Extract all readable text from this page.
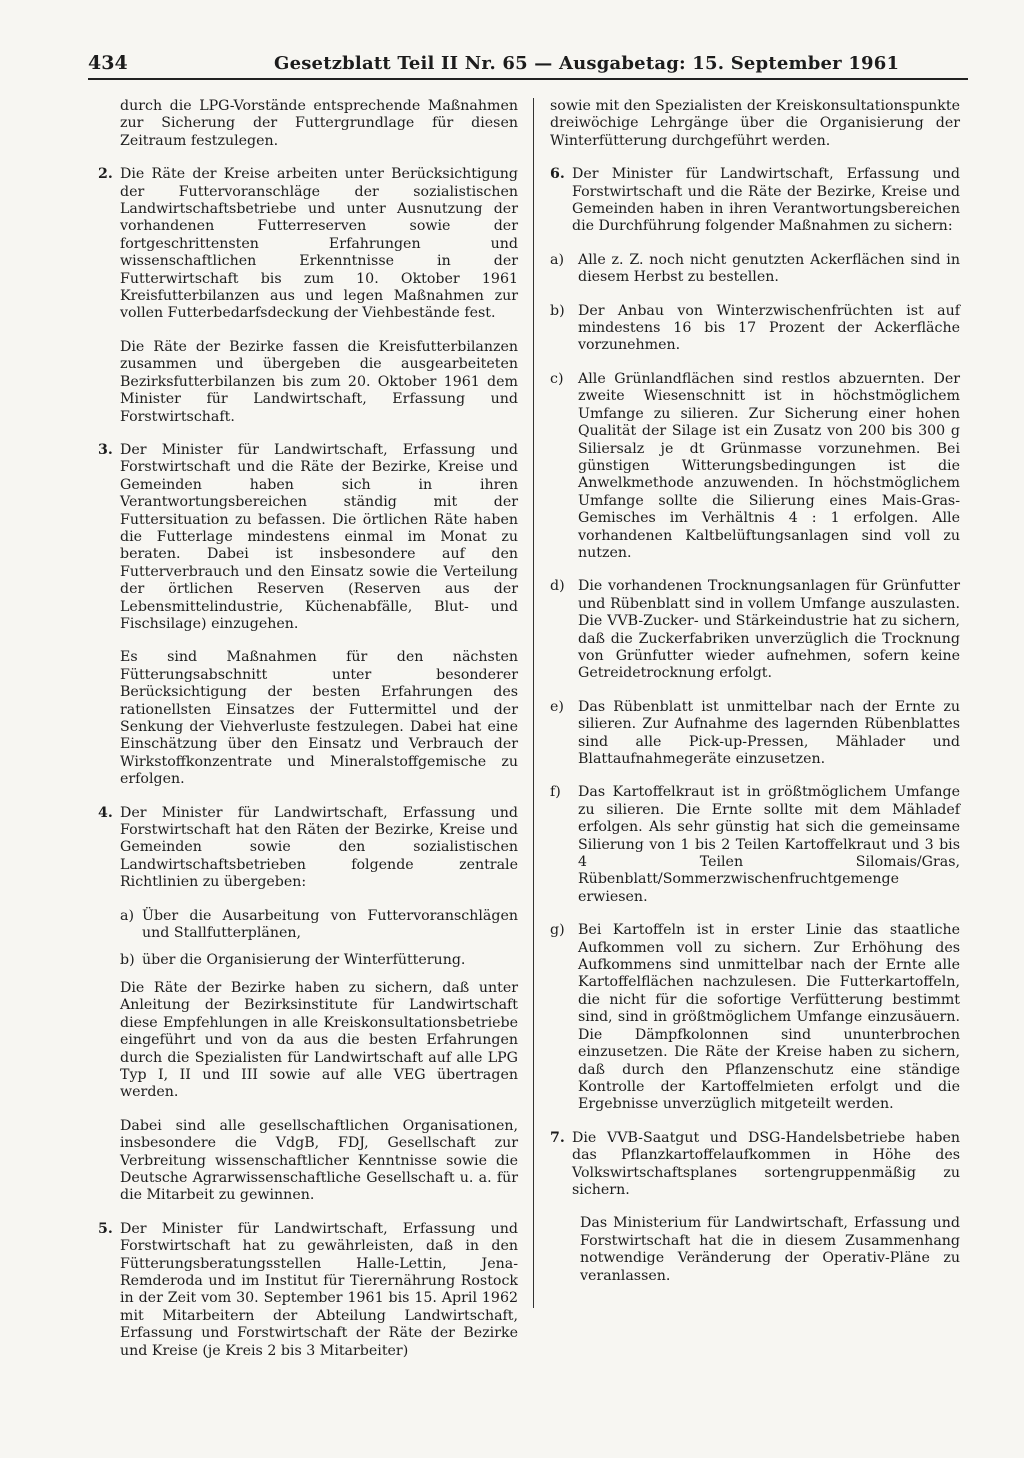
434	Gesetzblatt Teil II Nr. 65 — Ausgabetag: 15. September 1961

durch die LPG-Vorstände entsprechende Maßnahmen zur Sicherung der Futtergrundlage für diesen Zeitraum festzulegen.

2. Die Räte der Kreise arbeiten unter Berücksichtigung der Futtervoranschläge der sozialistischen Landwirtschaftsbetriebe und unter Ausnutzung der vorhandenen Futterreserven sowie der fortgeschrittensten Erfahrungen und wissenschaftlichen Erkenntnisse in der Futterwirtschaft bis zum 10. Oktober 1961 Kreisfutterbilanzen aus und legen Maßnahmen zur vollen Futterbedarfsdeckung der Viehbestände fest.

Die Räte der Bezirke fassen die Kreisfutterbilanzen zusammen und übergeben die ausgearbeiteten Bezirksfutterbilanzen bis zum 20. Oktober 1961 dem Minister für Landwirtschaft, Erfassung und Forstwirtschaft.

3. Der Minister für Landwirtschaft, Erfassung und Forstwirtschaft und die Räte der Bezirke, Kreise und Gemeinden haben sich in ihren Verantwortungsbereichen ständig mit der Futtersituation zu befassen. Die örtlichen Räte haben die Futterlage mindestens einmal im Monat zu beraten. Dabei ist insbesondere auf den Futterverbrauch und den Einsatz sowie die Verteilung der örtlichen Reserven (Reserven aus der Lebensmittelindustrie, Küchenabfälle, Blut- und Fischsilage) einzugehen.

Es sind Maßnahmen für den nächsten Fütterungsabschnitt unter besonderer Berücksichtigung der besten Erfahrungen des rationellsten Einsatzes der Futtermittel und der Senkung der Viehverluste festzulegen. Dabei hat eine Einschätzung über den Einsatz und Verbrauch der Wirkstoffkonzentrate und Mineralstoffgemische zu erfolgen.

4. Der Minister für Landwirtschaft, Erfassung und Forstwirtschaft hat den Räten der Bezirke, Kreise und Gemeinden sowie den sozialistischen Landwirtschaftsbetrieben folgende zentrale Richtlinien zu übergeben:
a) Über die Ausarbeitung von Futtervoranschlägen und Stallfutterplänen,
b) über die Organisierung der Winterfütterung.

Die Räte der Bezirke haben zu sichern, daß unter Anleitung der Bezirksinstitute für Landwirtschaft diese Empfehlungen in alle Kreiskonsultationsbetriebe eingeführt und von da aus die besten Erfahrungen durch die Spezialisten für Landwirtschaft auf alle LPG Typ I, II und III sowie auf alle VEG übertragen werden.

Dabei sind alle gesellschaftlichen Organisationen, insbesondere die VdgB, FDJ, Gesellschaft zur Verbreitung wissenschaftlicher Kenntnisse sowie die Deutsche Agrarwissenschaftliche Gesellschaft u. a. für die Mitarbeit zu gewinnen.

5. Der Minister für Landwirtschaft, Erfassung und Forstwirtschaft hat zu gewährleisten, daß in den Fütterungsberatungsstellen Halle-Lettin, Jena-Remderoda und im Institut für Tierernährung Rostock in der Zeit vom 30. September 1961 bis 15. April 1962 mit Mitarbeitern der Abteilung Landwirtschaft, Erfassung und Forstwirtschaft der Räte der Bezirke und Kreise (je Kreis 2 bis 3 Mitarbeiter)

sowie mit den Spezialisten der Kreiskonsultationspunkte dreiwöchige Lehrgänge über die Organisierung der Winterfütterung durchgeführt werden.

6. Der Minister für Landwirtschaft, Erfassung und Forstwirtschaft und die Räte der Bezirke, Kreise und Gemeinden haben in ihren Verantwortungsbereichen die Durchführung folgender Maßnahmen zu sichern:
a) Alle z. Z. noch nicht genutzten Ackerflächen sind in diesem Herbst zu bestellen.
b) Der Anbau von Winterzwischenfrüchten ist auf mindestens 16 bis 17 Prozent der Ackerfläche vorzunehmen.
c) Alle Grünlandflächen sind restlos abzuernten. Der zweite Wiesenschnitt ist in höchstmöglichem Umfange zu silieren. Zur Sicherung einer hohen Qualität der Silage ist ein Zusatz von 200 bis 300 g Siliersalz je dt Grünmasse vorzunehmen. Bei günstigen Witterungsbedingungen ist die Anwelkmethode anzuwenden. In höchstmöglichem Umfange sollte die Silierung eines Mais-Gras-Gemisches im Verhältnis 4 : 1 erfolgen. Alle vorhandenen Kaltbelüftungsanlagen sind voll zu nutzen.
d) Die vorhandenen Trocknungsanlagen für Grünfutter und Rübenblatt sind in vollem Umfange auszulasten. Die VVB-Zucker- und Stärkeindustrie hat zu sichern, daß die Zuckerfabriken unverzüglich die Trocknung von Grünfutter wieder aufnehmen, sofern keine Getreidetrocknung erfolgt.
e) Das Rübenblatt ist unmittelbar nach der Ernte zu silieren. Zur Aufnahme des lagernden Rübenblattes sind alle Pick-up-Pressen, Mählader und Blattaufnahmegeräte einzusetzen.
f) Das Kartoffelkraut ist in größtmöglichem Umfange zu silieren. Die Ernte sollte mit dem Mähladef erfolgen. Als sehr günstig hat sich die gemeinsame Silierung von 1 bis 2 Teilen Kartoffelkraut und 3 bis 4 Teilen Silomais/Gras, Rübenblatt/Sommerzwischenfruchtgemenge erwiesen.
g) Bei Kartoffeln ist in erster Linie das staatliche Aufkommen voll zu sichern. Zur Erhöhung des Aufkommens sind unmittelbar nach der Ernte alle Kartoffelflächen nachzulesen. Die Futterkartoffeln, die nicht für die sofortige Verfütterung bestimmt sind, sind in größtmöglichem Umfange einzusäuern. Die Dämpfkolonnen sind ununterbrochen einzusetzen. Die Räte der Kreise haben zu sichern, daß durch den Pflanzenschutz eine ständige Kontrolle der Kartoffelmieten erfolgt und die Ergebnisse unverzüglich mitgeteilt werden.
7. Die VVB-Saatgut und DSG-Handelsbetriebe haben das Pflanzkartoffelaufkommen in Höhe des Volkswirtschaftsplanes sortengruppenmäßig zu sichern.

Das Ministerium für Landwirtschaft, Erfassung und Forstwirtschaft hat die in diesem Zusammenhang notwendige Veränderung der Operativ-Pläne zu veranlassen.
